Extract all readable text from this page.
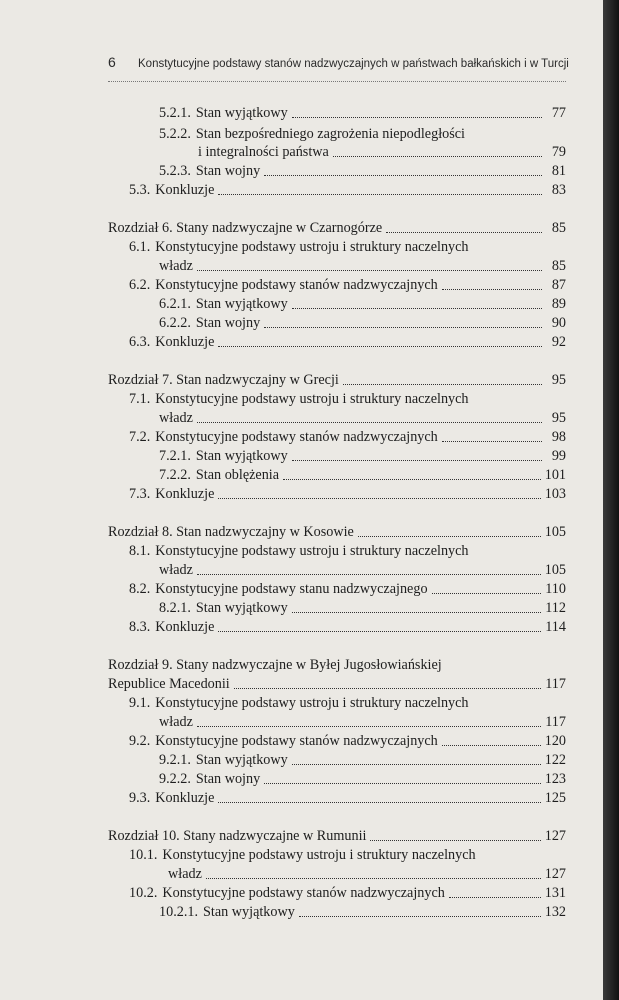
6 Konstytucyjne podstawy stanów nadzwyczajnych w państwach bałkańskich i w Turcji
5.2.1. Stan wyjątkowy	77
5.2.2. Stan bezpośredniego zagrożenia niepodległości
i integralności państwa	79
5.2.3. Stan wojny	81
5.3. Konkluzje	83
Rozdział 6. Stany nadzwyczajne w Czarnogórze	85
6.1. Konstytucyjne podstawy ustroju i struktury naczelnych
władz	85
6.2. Konstytucyjne podstawy stanów nadzwyczajnych	87
6.2.1. Stan wyjątkowy	89
6.2.2. Stan wojny	90
6.3. Konkluzje	92
Rozdział 7. Stan nadzwyczajny w Grecji	95
7.1. Konstytucyjne podstawy ustroju i struktury naczelnych
władz	95
7.2. Konstytucyjne podstawy stanów nadzwyczajnych	98
7.2.1. Stan wyjątkowy	99
7.2.2. Stan oblężenia	101
7.3. Konkluzje	103
Rozdział 8. Stan nadzwyczajny w Kosowie	105
8.1. Konstytucyjne podstawy ustroju i struktury naczelnych
władz	105
8.2. Konstytucyjne podstawy stanu nadzwyczajnego	110
8.2.1. Stan wyjątkowy	112
8.3. Konkluzje	114
Rozdział 9. Stany nadzwyczajne w Byłej Jugosłowiańskiej
Republice Macedonii	117
9.1. Konstytucyjne podstawy ustroju i struktury naczelnych
władz	117
9.2. Konstytucyjne podstawy stanów nadzwyczajnych	120
9.2.1. Stan wyjątkowy	122
9.2.2. Stan wojny	123
9.3. Konkluzje	125
Rozdział 10. Stany nadzwyczajne w Rumunii	127
10.1. Konstytucyjne podstawy ustroju i struktury naczelnych
władz	127
10.2. Konstytucyjne podstawy stanów nadzwyczajnych	131
10.2.1. Stan wyjątkowy	132
